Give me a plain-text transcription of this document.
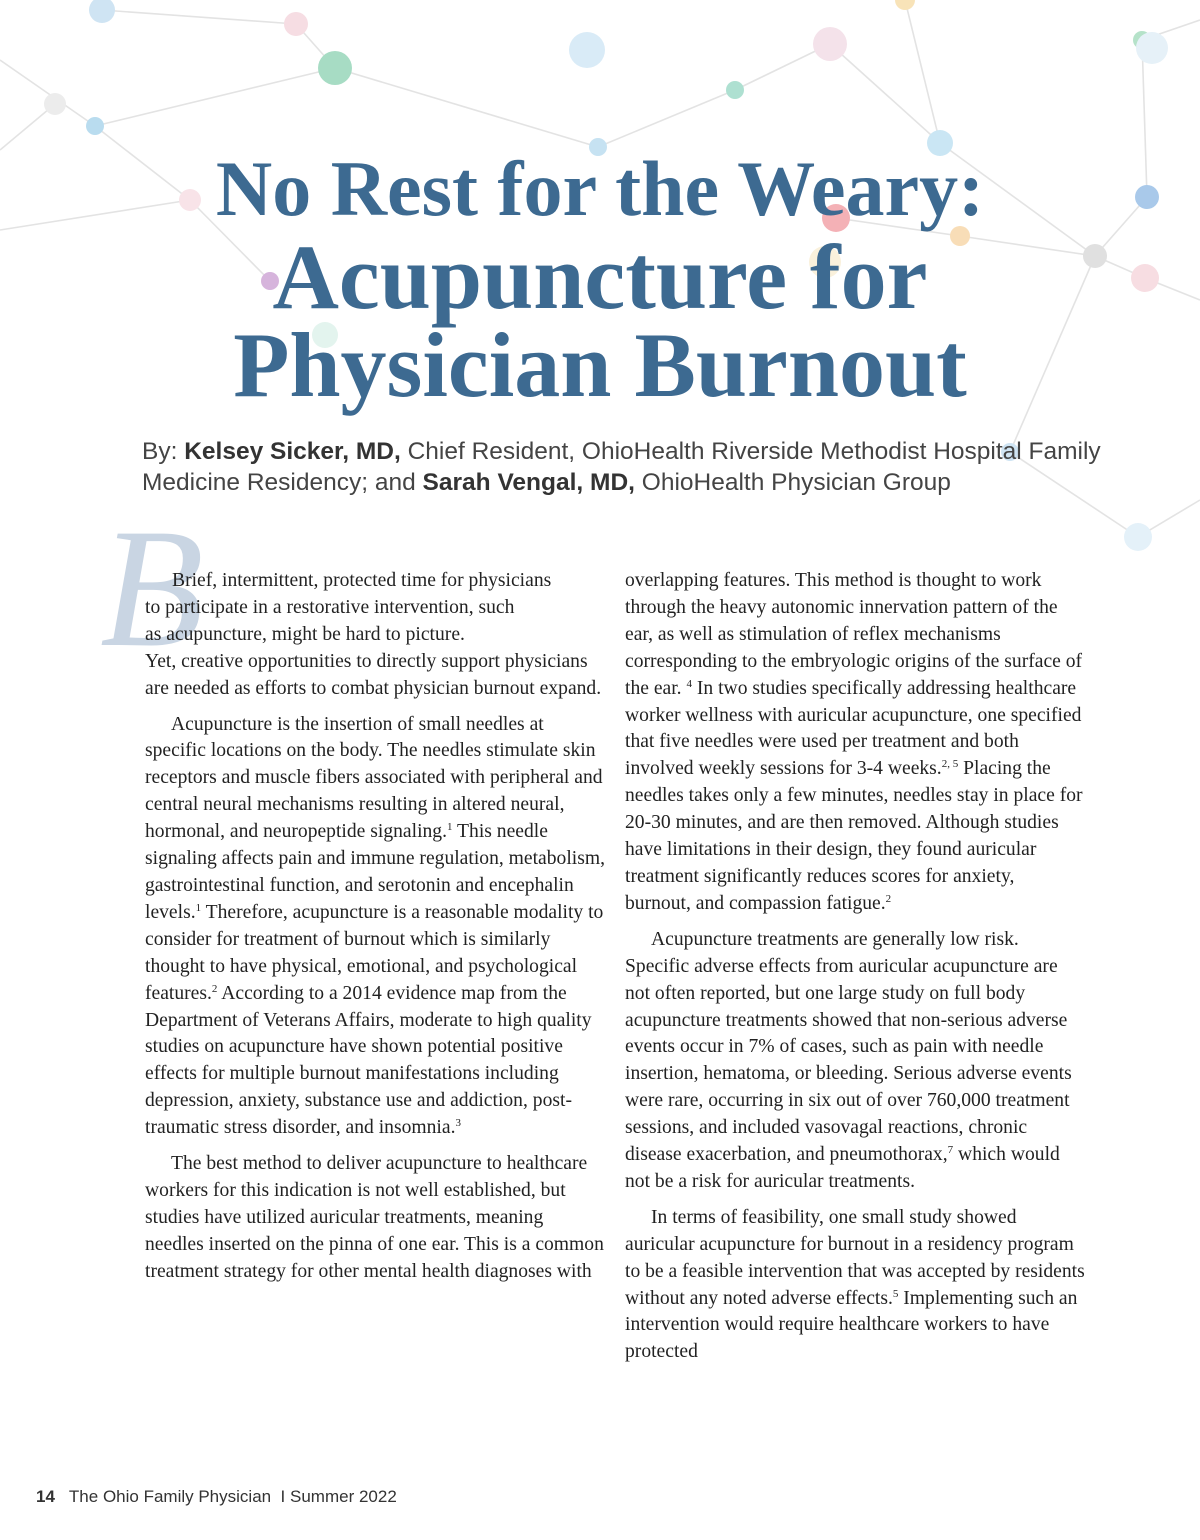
No Rest for the Weary:
Acupuncture for
Physician Burnout
By: Kelsey Sicker, MD, Chief Resident, OhioHealth Riverside Methodist Hospital Family Medicine Residency; and Sarah Vengal, MD, OhioHealth Physician Group
B

Brief, intermittent, protected time for physicians
to participate in a restorative intervention, such
as acupuncture, might be hard to picture.
Yet, creative opportunities to directly support physicians are needed as efforts to combat physician burnout expand.

Acupuncture is the insertion of small needles at specific locations on the body. The needles stimulate skin receptors and muscle fibers associated with peripheral and central neural mechanisms resulting in altered neural, hormonal, and neuropeptide signaling.$^1$ This needle signaling affects pain and immune regulation, metabolism, gastrointestinal function, and serotonin and encephalin levels.$^1$ Therefore, acupuncture is a reasonable modality to consider for treatment of burnout which is similarly thought to have physical, emotional, and psychological features.$^2$ According to a 2014 evidence map from the Department of Veterans Affairs, moderate to high quality studies on acupuncture have shown potential positive effects for multiple burnout manifestations including depression, anxiety, substance use and addiction, post-traumatic stress disorder, and insomnia.$^3$

The best method to deliver acupuncture to healthcare workers for this indication is not well established, but studies have utilized auricular treatments, meaning needles inserted on the pinna of one ear. This is a common treatment strategy for other mental health diagnoses with

overlapping features. This method is thought to work through the heavy autonomic innervation pattern of the ear, as well as stimulation of reflex mechanisms corresponding to the embryologic origins of the surface of the ear. $^4$ In two studies specifically addressing healthcare worker wellness with auricular acupuncture, one specified that five needles were used per treatment and both involved weekly sessions for 3-4 weeks.$^{2, 5}$ Placing the needles takes only a few minutes, needles stay in place for 20-30 minutes, and are then removed. Although studies have limitations in their design, they found auricular treatment significantly reduces scores for anxiety, burnout, and compassion fatigue.$^2$

Acupuncture treatments are generally low risk. Specific adverse effects from auricular acupuncture are not often reported, but one large study on full body acupuncture treatments showed that non-serious adverse events occur in 7% of cases, such as pain with needle insertion, hematoma, or bleeding. Serious adverse events were rare, occurring in six out of over 760,000 treatment sessions, and included vasovagal reactions, chronic disease exacerbation, and pneumothorax,$^7$ which would not be a risk for auricular treatments.

In terms of feasibility, one small study showed auricular acupuncture for burnout in a residency program to be a feasible intervention that was accepted by residents without any noted adverse effects.$^5$ Implementing such an intervention would require healthcare workers to have protected

14 The Ohio Family Physician  I Summer 2022
